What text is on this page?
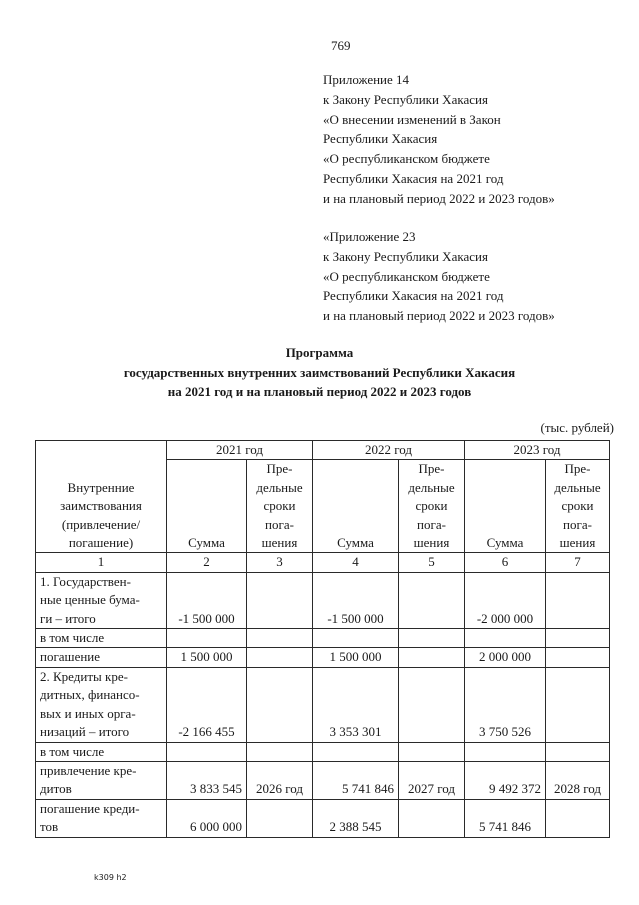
769
Приложение 14
к Закону Республики Хакасия
«О внесении изменений в Закон
Республики Хакасия
«О республиканском бюджете
Республики Хакасия на 2021 год
и на плановый период 2022 и 2023 годов»
«Приложение 23
к Закону Республики Хакасия
«О республиканском бюджете
Республики Хакасия на 2021 год
и на плановый период 2022 и 2023 годов»
Программа
государственных внутренних заимствований Республики Хакасия
на 2021 год и на плановый период 2022 и 2023 годов
(тыс. рублей)
Внутренние
заимствования
(привлечение/
погашение)	2021 год		2022 год		2023 год	
	Сумма	Пре-
дельные
сроки
пога-
шения	Сумма	Пре-
дельные
сроки
пога-
шения	Сумма	Пре-
дельные
сроки
пога-
шения

1	2	3	4	5	6	7

1. Государствен-
ные ценные бума-
ги – итого	-1 500 000		-1 500 000		-2 000 000	
в том числе						
погашение	1 500 000		1 500 000		2 000 000	

2. Кредиты кре-
дитных, финансо-
вых и иных орга-
низаций – итого	-2 166 455		3 353 301		3 750 526	
в том числе						

привлечение кре-
дитов	3 833 545	2026 год	5 741 846	2027 год	9 492 372	2028 год

погашение креди-
тов	6 000 000		2 388 545		5 741 846	
k309 h2
